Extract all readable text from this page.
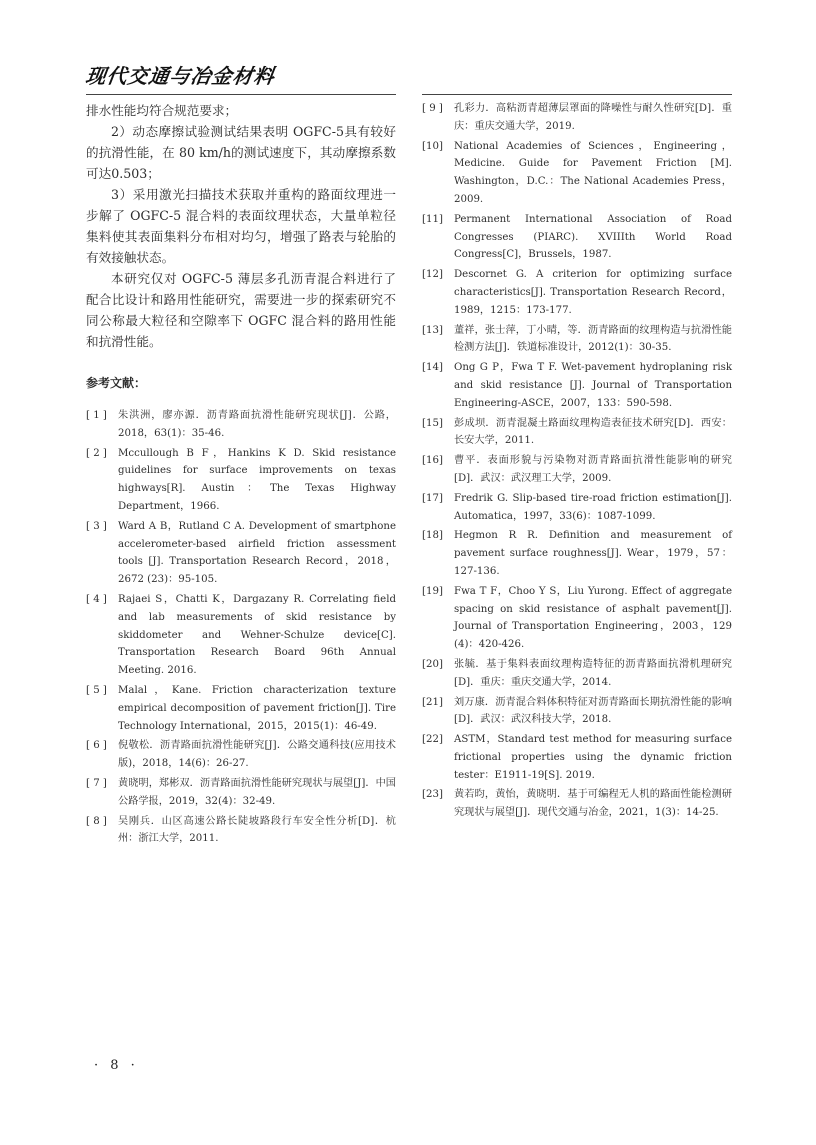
现代交通与冶金材料

排水性能均符合规范要求；

2）动态摩擦试验测试结果表明 OGFC-5具有较好的抗滑性能，在 80 km/h的测试速度下，其动摩擦系数可达0.503；

3）采用激光扫描技术获取并重构的路面纹理进一步解了 OGFC-5 混合料的表面纹理状态，大量单粒径集料使其表面集料分布相对均匀，增强了路表与轮胎的有效接触状态。

本研究仅对 OGFC-5 薄层多孔沥青混合料进行了配合比设计和路用性能研究，需要进一步的探索研究不同公称最大粒径和空隙率下 OGFC 混合料的路用性能和抗滑性能。

参考文献：
[ 1 ] 朱洪洲，廖亦源．沥青路面抗滑性能研究现状[J]．公路，2018，63(1)：35-46.
[ 2 ] Mccullough B F，Hankins K D. Skid resistance guidelines for surface improvements on texas highways[R]. Austin：The Texas Highway Department，1966.
[ 3 ] Ward A B，Rutland C A. Development of smartphone accelerometer-based airfield friction assessment tools [J]. Transportation Research Record，2018，2672 (23)：95-105.
[ 4 ] Rajaei S，Chatti K，Dargazany R. Correlating field and lab measurements of skid resistance by skiddometer and Wehner-Schulze device[C]. Transportation Research Board 96th Annual Meeting. 2016.
[ 5 ] Malal，Kane. Friction characterization texture empirical decomposition of pavement friction[J]. Tire Technology International，2015，2015(1)：46-49.
[ 6 ] 倪敬松．沥青路面抗滑性能研究[J]．公路交通科技(应用技术版)，2018，14(6)：26-27.
[ 7 ] 黄晓明，郑彬双．沥青路面抗滑性能研究现状与展望[J]．中国公路学报，2019，32(4)：32-49.
[ 8 ] 吴刚兵．山区高速公路长陡坡路段行车安全性分析[D]．杭州：浙江大学，2011.
[ 9 ] 孔彩力．高粘沥青超薄层罩面的降噪性与耐久性研究[D]．重庆：重庆交通大学，2019.
[10] National Academies of Sciences，Engineering，Medicine. Guide for Pavement Friction [M]. Washington，D.C.：The National Academies Press，2009.
[11] Permanent International Association of Road Congresses (PIARC). XVIIIth World Road Congress[C]，Brussels，1987.
[12] Descornet G. A criterion for optimizing surface characteristics[J]. Transportation Research Record，1989，1215：173-177.
[13] 董祥，张士萍，丁小晴，等．沥青路面的纹理构造与抗滑性能检测方法[J]．铁道标准设计，2012(1)：30-35.
[14] Ong G P，Fwa T F. Wet-pavement hydroplaning risk and skid resistance [J]. Journal of Transportation Engineering-ASCE，2007，133：590-598.
[15] 彭成坝．沥青混凝土路面纹理构造表征技术研究[D]．西安：长安大学，2011.
[16] 曹平．表面形貌与污染物对沥青路面抗滑性能影响的研究[D]．武汉：武汉理工大学，2009.
[17] Fredrik G. Slip-based tire-road friction estimation[J]. Automatica，1997，33(6)：1087-1099.
[18] Hegmon R R. Definition and measurement of pavement surface roughness[J]. Wear，1979，57：127-136.
[19] Fwa T F，Choo Y S，Liu Yurong. Effect of aggregate spacing on skid resistance of asphalt pavement[J]. Journal of Transportation Engineering，2003，129 (4)：420-426.
[20] 张毓．基于集料表面纹理构造特征的沥青路面抗滑机理研究[D]．重庆：重庆交通大学，2014.
[21] 刘万康．沥青混合料体积特征对沥青路面长期抗滑性能的影响[D]．武汉：武汉科技大学，2018.
[22] ASTM，Standard test method for measuring surface frictional properties using the dynamic friction tester：E1911-19[S]. 2019.
[23] 黄若昀，黄怡，黄晓明．基于可编程无人机的路面性能检测研究现状与展望[J]．现代交通与冶金，2021，1(3)：14-25.
· 8 ·
